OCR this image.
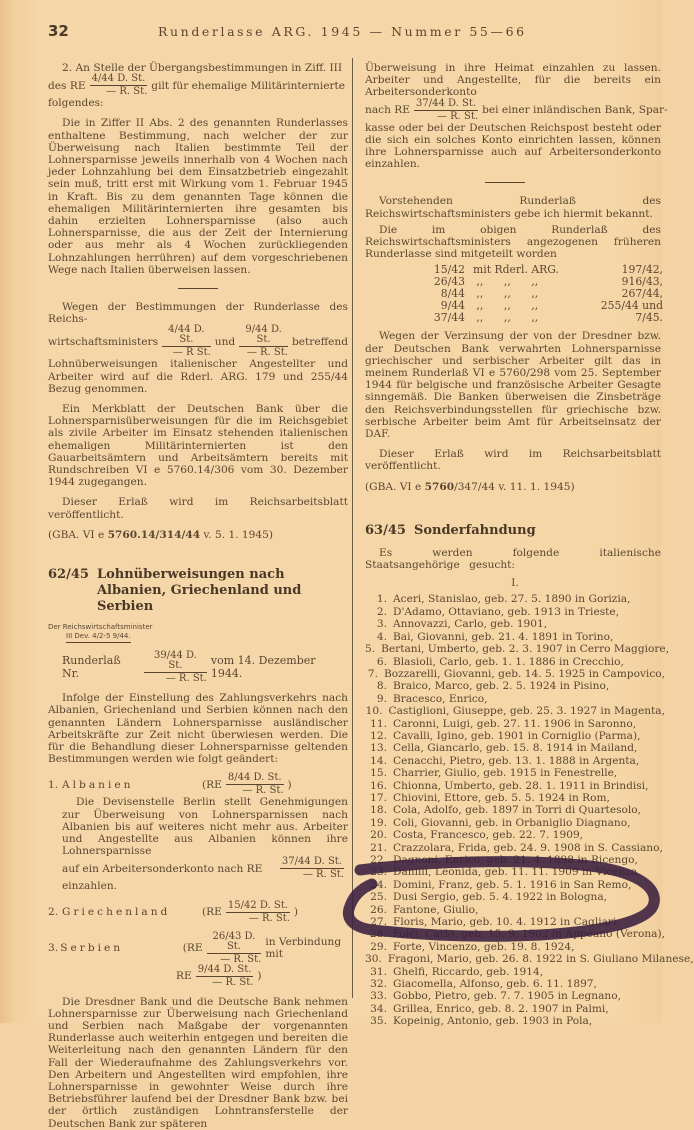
32	Runderlasse ARG. 1945 — Nummer 55—66

2. An Stelle der Übergangsbestimmungen in Ziff. III

des RE $\frac{4/44 D. St.}{— R. St.}$ gilt für ehemalige Militärinternierte

folgendes:

Die in Ziffer II Abs. 2 des genannten Runderlasses enthaltene Bestimmung, nach welcher der zur Überweisung nach Italien bestimmte Teil der Lohnersparnisse jeweils innerhalb von 4 Wochen nach jeder Lohnzahlung bei dem Einsatzbetrieb eingezahlt sein muß, tritt erst mit Wirkung vom 1. Februar 1945 in Kraft. Bis zu dem genannten Tage können die ehemaligen Militärinternierten ihre gesamten bis dahin erzielten Lohnersparnisse (also auch Lohnersparnisse, die aus der Zeit der Internierung oder aus mehr als 4 Wochen zurückliegenden Lohnzahlungen herrühren) auf dem vorgeschriebenen Wege nach Italien überweisen lassen.

Wegen der Bestimmungen der Runderlasse des Reichs-

wirtschaftsministers $\frac{4/44 D. St.}{\text{— R St.}}$ und $\frac{9/44 D. St.}{— R. St.}$ betreffend

Lohnüberweisungen italienischer Angestellter und Arbeiter wird auf die Rderl. ARG. 179 und 255/44 Bezug genommen.

Ein Merkblatt der Deutschen Bank über die Lohnersparnisüberweisungen für die im Reichsgebiet als zivile Arbeiter im Einsatz stehenden italienischen ehemaligen Militärinternierten ist den Gauarbeitsämtern und Arbeitsämtern bereits mit Rundschreiben VI e 5760.14/306 vom 30. Dezember 1944 zugegangen.

Dieser Erlaß wird im Reichsarbeitsblatt veröffentlicht.

(GBA. VI e 5760.14/314/44 v. 5. 1. 1945)

62/45 Lohnüberweisungen nach Albanien, Griechenland und Serbien
Der Reichswirtschaftsminister
III Dev. 4/2-5 9/44.
Runderlaß Nr.	$\frac{39/44 D. St.}{— R. St.}$ vom 14. Dezember 1944.

Infolge der Einstellung des Zahlungsverkehrs nach Albanien, Griechenland und Serbien können nach den genannten Ländern Lohnersparnisse ausländischer Arbeitskräfte zur Zeit nicht überwiesen werden. Die für die Behandlung dieser Lohnersparnisse geltenden Bestimmungen werden wie folgt geändert:

1. Albanien	($RE \frac{8/44 D. St.}{— R. St.}$ )

Die Devisenstelle Berlin stellt Genehmigungen zur Überweisung von Lohnersparnissen nach Albanien bis auf weiteres nicht mehr aus. Arbeiter und Angestellte aus Albanien können ihre Lohnersparnisse

auf ein Arbeitersonderkonto nach RE $\frac{37/44 D. St.}{— R. St.}$

einzahlen.

2. Griechenland	($RE \frac{15/42 D. St.}{— R. St.}$ )
3. Serbien	($RE \frac{26/43 D. St.}{— R. St.}$ in Verbindung mit
RE $\frac{9/44 D. St.}{— R. St.}$ )

Die Dresdner Bank und die Deutsche Bank nehmen Lohnersparnisse zur Überweisung nach Griechenland und Serbien nach Maßgabe der vorgenannten Runderlasse auch weiterhin entgegen und bereiten die Weiterleitung nach den genannten Ländern für den Fall der Wiederaufnahme des Zahlungsverkehrs vor. Den Arbeitern und Angestellten wird empfohlen, ihre Lohnersparnisse in gewohnter Weise durch ihre Betriebsführer laufend bei der Dresdner Bank bzw. bei der örtlich zuständigen Lohntransferstelle der Deutschen Bank zur späteren

Überweisung in ihre Heimat einzahlen zu lassen. Arbeiter und Angestellte, für die bereits ein Arbeitersonderkonto

nach RE $\frac{37/44 D. St.}{— R. St.}$ bei einer inländischen Bank, Spar-

kasse oder bei der Deutschen Reichspost besteht oder die sich ein solches Konto einrichten lassen, können ihre Lohnersparnisse auch auf Arbeitersonderkonto einzahlen.

Vorstehenden Runderlaß des Reichswirtschaftsministers gebe ich hiermit bekannt.

Die im obigen Runderlaß des Reichswirtschaftsministers angezogenen früheren Runderlasse sind mitgeteilt worden

15/42 mit Rderl. ARG.	197/42,
26/43 ,,      ,,      ,,	916/43,
8/44 ,,      ,,      ,,	267/44,
9/44 ,,      ,,      ,,	255/44 und
37/44 ,,      ,,      ,,	7/45.

Wegen der Verzinsung der von der Dresdner bzw. der Deutschen Bank verwahrten Lohnersparnisse griechischer und serbischer Arbeiter gilt das in meinem Runderlaß VI e 5760/298 vom 25. September 1944 für belgische und französische Arbeiter Gesagte sinngemäß. Die Banken überweisen die Zinsbeträge den Reichsverbindungsstellen für griechische bzw. serbische Arbeiter beim Amt für Arbeitseinsatz der DAF.

Dieser Erlaß wird im Reichsarbeitsblatt veröffentlicht.

(GBA. VI e 5760/347/44 v. 11. 1. 1945)

63/45 Sonderfahndung

Es werden folgende italienische Staatsangehörige gesucht:

I.
1. Aceri, Stanislao, geb. 27. 5. 1890 in Gorizia,
2. D'Adamo, Ottaviano, geb. 1913 in Trieste,
3. Annovazzi, Carlo, geb. 1901,
4. Bai, Giovanni, geb. 21. 4. 1891 in Torino,
5. Bertani, Umberto, geb. 2. 3. 1907 in Cerro Maggiore,
6. Blasioli, Carlo, geb. 1. 1. 1886 in Crecchio,
7. Bozzarelli, Giovanni, geb. 14. 5. 1925 in Campovico,
8. Braico, Marco, geb. 2. 5. 1924 in Pisino,
9. Bracesco, Enrico,
10. Castiglioni, Giuseppe, geb. 25. 3. 1927 in Magenta,
11. Caronni, Luigi, geb. 27. 11. 1906 in Saronno,
12. Cavalli, Igino, geb. 1901 in Corniglio (Parma),
13. Cella, Giancarlo, geb. 15. 8. 1914 in Mailand,
14. Cenacchi, Pietro, geb. 13. 1. 1888 in Argenta,
15. Charrier, Giulio, geb. 1915 in Fenestrelle,
16. Chionna, Umberto, geb. 28. 1. 1911 in Brindisi,
17. Chiovini, Ettore, geb. 5. 5. 1924 in Rom,
18. Cola, Adolfo, geb. 1897 in Torri di Quartesolo,
19. Coli, Giovanni, geb. in Orbaniglio Diagnano,
20. Costa, Francesco, geb. 22. 7. 1909,
21. Crazzolara, Frida, geb. 24. 9. 1908 in S. Cassiano,
22. Dagnoni, Enrico, geb. 21. 4. 1898 in Ricengo,
23. Danilli, Leonida, geb. 11. 11. 1909 in Vicenza,
24. Domini, Franz, geb. 5. 1. 1916 in San Remo,
25. Dusi Sergio, geb. 5. 4. 1922 in Bologna,
26. Fantone, Giulio,
27. Floris, Mario, geb. 10. 4. 1912 in Cagliari,
28. Folci, Carlo, geb. 15. 9. 1902 in Appeano (Verona),
29. Forte, Vincenzo, geb. 19. 8. 1924,
30. Fragoni, Mario, geb. 26. 8. 1922 in S. Giuliano Milanese,
31. Ghelfi, Riccardo, geb. 1914,
32. Giacomella, Alfonso, geb. 6. 11. 1897,
33. Gobbo, Pietro, geb. 7. 7. 1905 in Legnano,
34. Grillea, Enrico, geb. 8. 2. 1907 in Palmi,
35. Kopeinig, Antonio, geb. 1903 in Pola,
